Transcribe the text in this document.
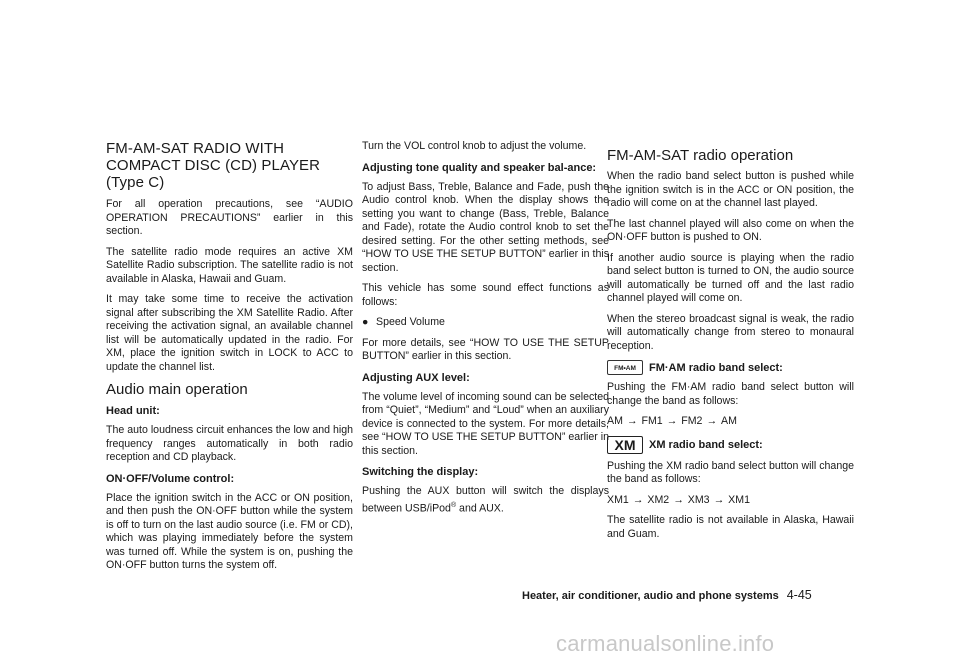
FM-AM-SAT RADIO WITH COMPACT DISC (CD) PLAYER (Type C)

For all operation precautions, see “AUDIO OPERATION PRECAUTIONS” earlier in this section.

The satellite radio mode requires an active XM Satellite Radio subscription. The satellite radio is not available in Alaska, Hawaii and Guam.

It may take some time to receive the activation signal after subscribing the XM Satellite Radio. After receiving the activation signal, an available channel list will be automatically updated in the radio. For XM, place the ignition switch in LOCK to ACC to update the channel list.

Audio main operation
Head unit:

The auto loudness circuit enhances the low and high frequency ranges automatically in both radio reception and CD playback.

ON·OFF/Volume control:

Place the ignition switch in the ACC or ON position, and then push the ON·OFF button while the system is off to turn on the last audio source (i.e. FM or CD), which was playing immediately before the system was turned off. While the system is on, pushing the ON·OFF button turns the system off.

Turn the VOL control knob to adjust the volume.

Adjusting tone quality and speaker bal-ance:

To adjust Bass, Treble, Balance and Fade, push the Audio control knob. When the display shows the setting you want to change (Bass, Treble, Balance and Fade), rotate the Audio control knob to set the desired setting. For the other setting methods, see “HOW TO USE THE SETUP BUTTON” earlier in this section.

This vehicle has some sound effect functions as follows:

● Speed Volume

For more details, see “HOW TO USE THE SETUP BUTTON” earlier in this section.

Adjusting AUX level:

The volume level of incoming sound can be selected from “Quiet”, “Medium” and “Loud” when an auxiliary device is connected to the system. For more details, see “HOW TO USE THE SETUP BUTTON” earlier in this section.

Switching the display:

Pushing the AUX button will switch the displays between USB/iPod® and AUX.

FM-AM-SAT radio operation

When the radio band select button is pushed while the ignition switch is in the ACC or ON position, the radio will come on at the channel last played.

The last channel played will also come on when the ON·OFF button is pushed to ON.

If another audio source is playing when the radio band select button is turned to ON, the audio source will automatically be turned off and the last radio channel played will come on.

When the stereo broadcast signal is weak, the radio will automatically change from stereo to monaural reception.

FM•AM	FM·AM radio band select:

Pushing the FM·AM radio band select button will change the band as follows:

AM → FM1 → FM2 → AM
XM	XM radio band select:

Pushing the XM radio band select button will change the band as follows:

XM1 → XM2 → XM3 → XM1

The satellite radio is not available in Alaska, Hawaii and Guam.

Heater, air conditioner, audio and phone systems 4-45
carmanualsonline.info
